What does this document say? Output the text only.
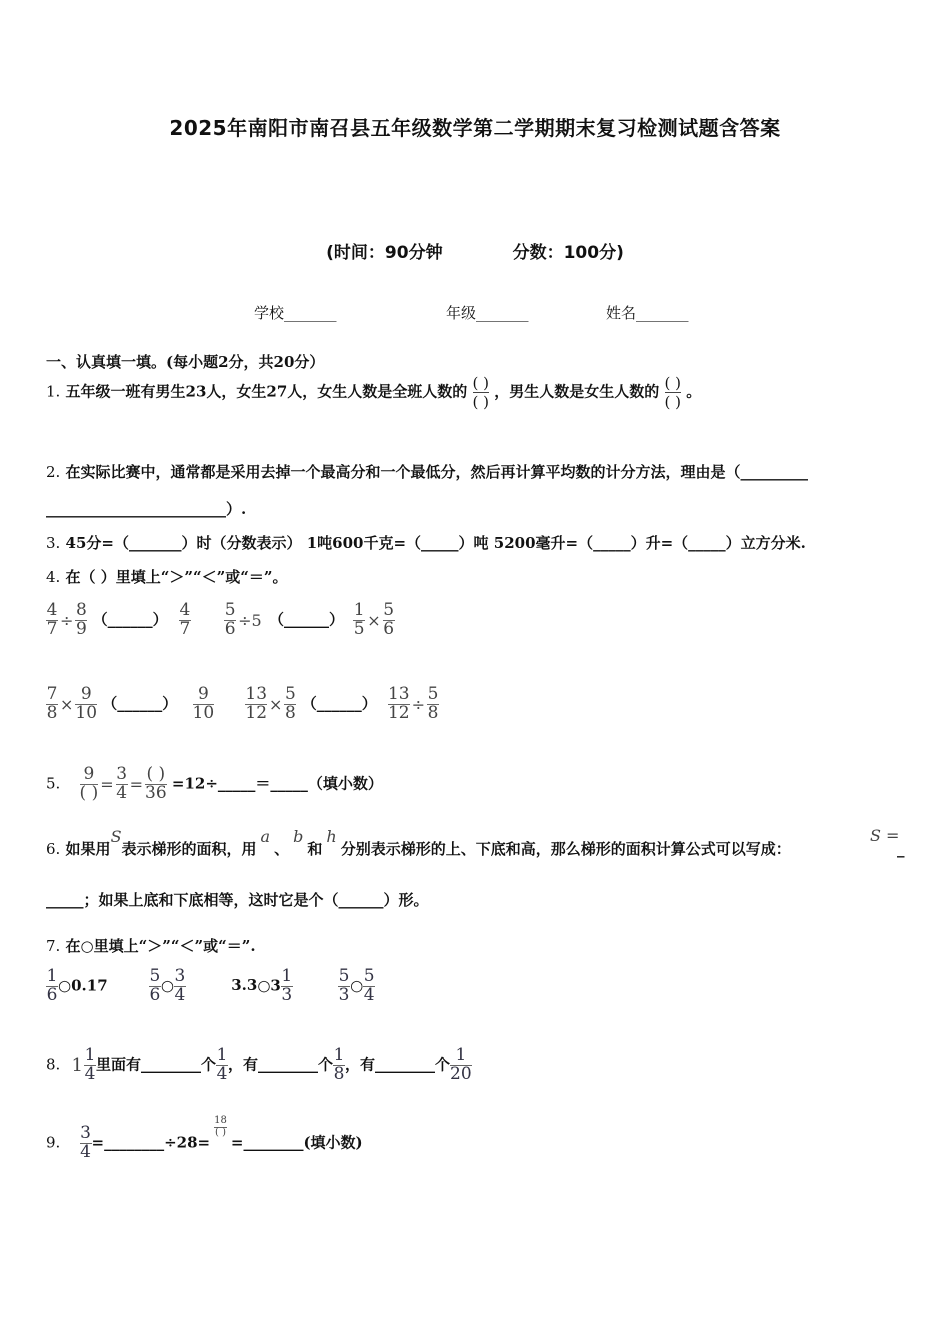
2025年南阳市南召县五年级数学第二学期期末复习检测试题含答案
(时间：90分钟	分数：100分)
学校_______	年级_______	姓名_______
一、认真填一填。(每小题2分，共20分）
1. 五年级一班有男生23人，女生27人，女生人数是全班人数的 ( )
( )
，男生人数是女生人数的 ( )
( )
。
2. 在实际比赛中，通常都是采用去掉一个最高分和一个最低分，然后再计算平均数的计分方法，理由是（_________
________________________）.
3. 45分=（_______）时（分数表示） 1吨600千克=（_____）吨 5200毫升=（_____）升=（_____）立方分米.
4. 在（ ）里填上“＞”“＜”或“＝”。
$\frac{4}{7} \div \frac{8}{9}$ （______） $\frac{4}{7}$
$\frac{5}{6} \div 5$ （______） $\frac{1}{5} \times \frac{5}{6}$
$\frac{7}{8} \times \frac{9}{10}$ （______） $\frac{9}{10}$
$\frac{13}{12} \times \frac{5}{8}$ （______） $\frac{13}{12} \div \frac{5}{8}$
5. $\frac{9}{( )} = \frac{3}{4} = \frac{( )}{36}$ =12÷_____＝_____（填小数）
6. 如果用S表示梯形的面积，用a、b和h分别表示梯形的上、下底和高，那么梯形的面积计算公式可以写成：
S =
_
_____；如果上底和下底相等，这时它是个（______）形。
7. 在○里填上“＞”“＜”或“＝”.
$\frac{1}{6}$ ○0.17 $\frac{5}{6}$ ○ $\frac{3}{4}$	3.3○3 $\frac{1}{3}$
	$\frac{5}{3}$ ○ $\frac{5}{4}$
8. $1 \frac{1}{4}$ 里面有________个 $\frac{1}{4}$ ，有________个 $\frac{1}{8}$ ，有________个 $\frac{1}{20}$
9. $\frac{3}{4}$ =________÷28=
$\frac{18}{( )}$
=________(填小数)
